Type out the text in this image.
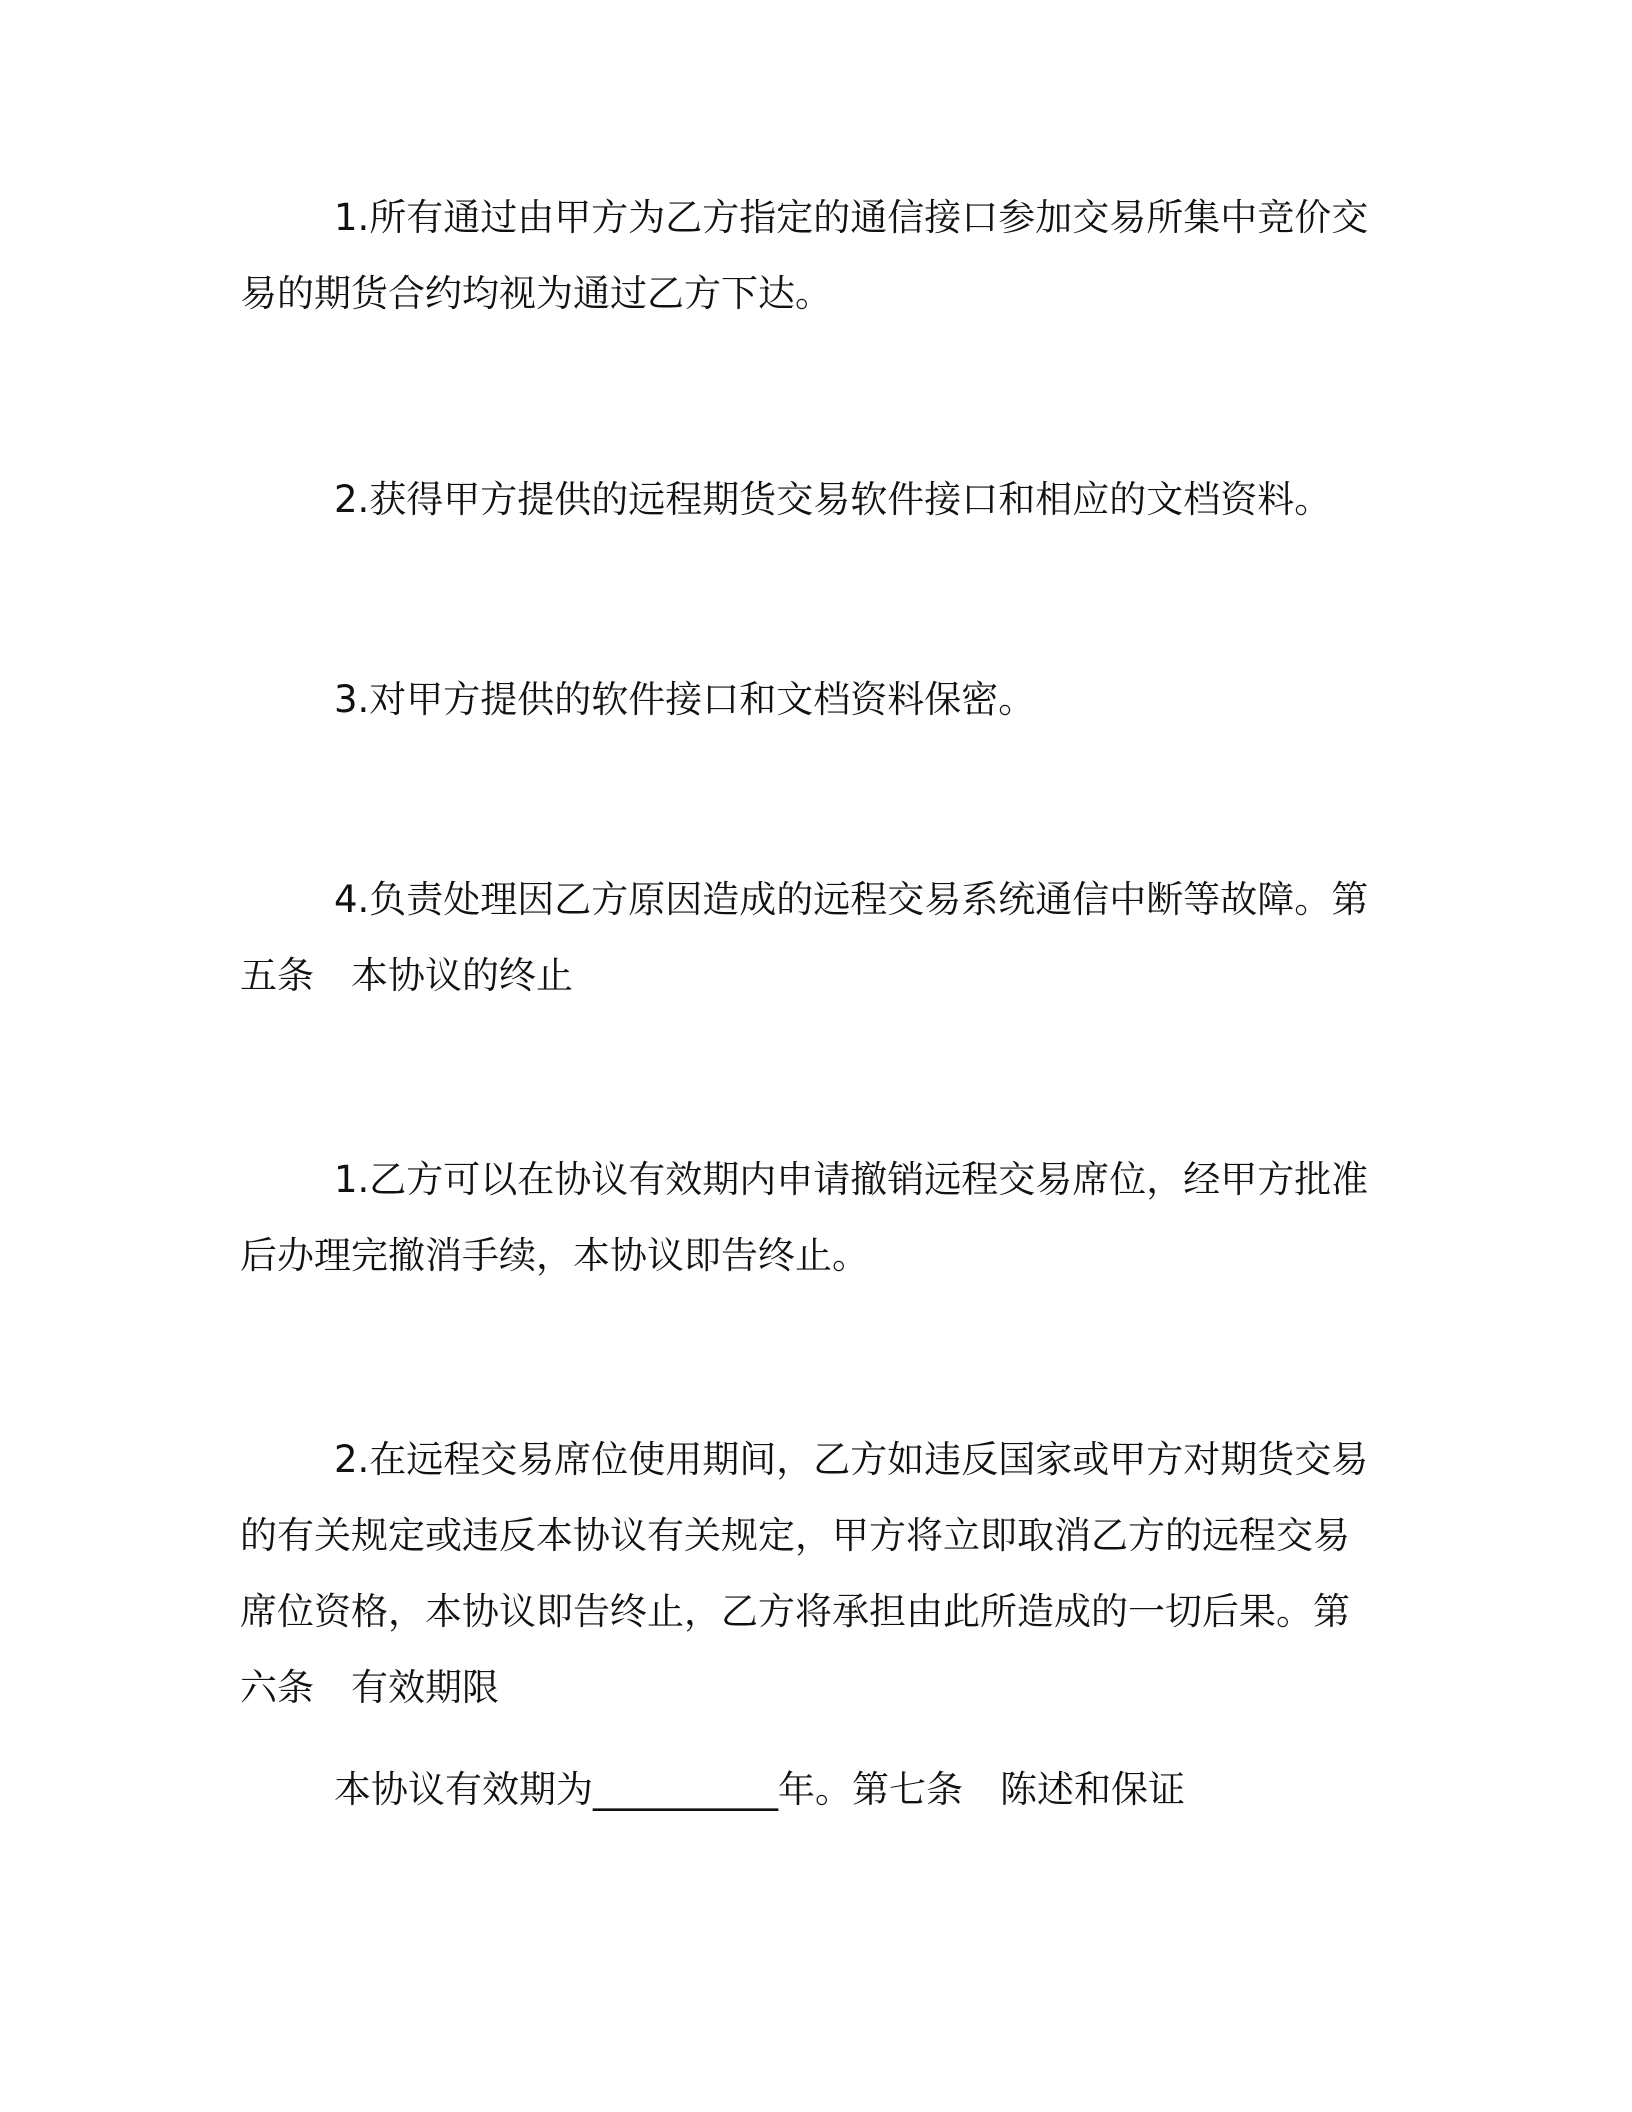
1.所有通过由甲方为乙方指定的通信接口参加交易所集中竞价交易的期货合约均视为通过乙方下达。

2.获得甲方提供的远程期货交易软件接口和相应的文档资料。

3.对甲方提供的软件接口和文档资料保密。

4.负责处理因乙方原因造成的远程交易系统通信中断等故障。第五条　本协议的终止

1.乙方可以在协议有效期内申请撤销远程交易席位，经甲方批准后办理完撤消手续，本协议即告终止。

2.在远程交易席位使用期间，乙方如违反国家或甲方对期货交易的有关规定或违反本协议有关规定，甲方将立即取消乙方的远程交易席位资格，本协议即告终止，乙方将承担由此所造成的一切后果。第六条　有效期限

本协议有效期为__________年。第七条　陈述和保证
